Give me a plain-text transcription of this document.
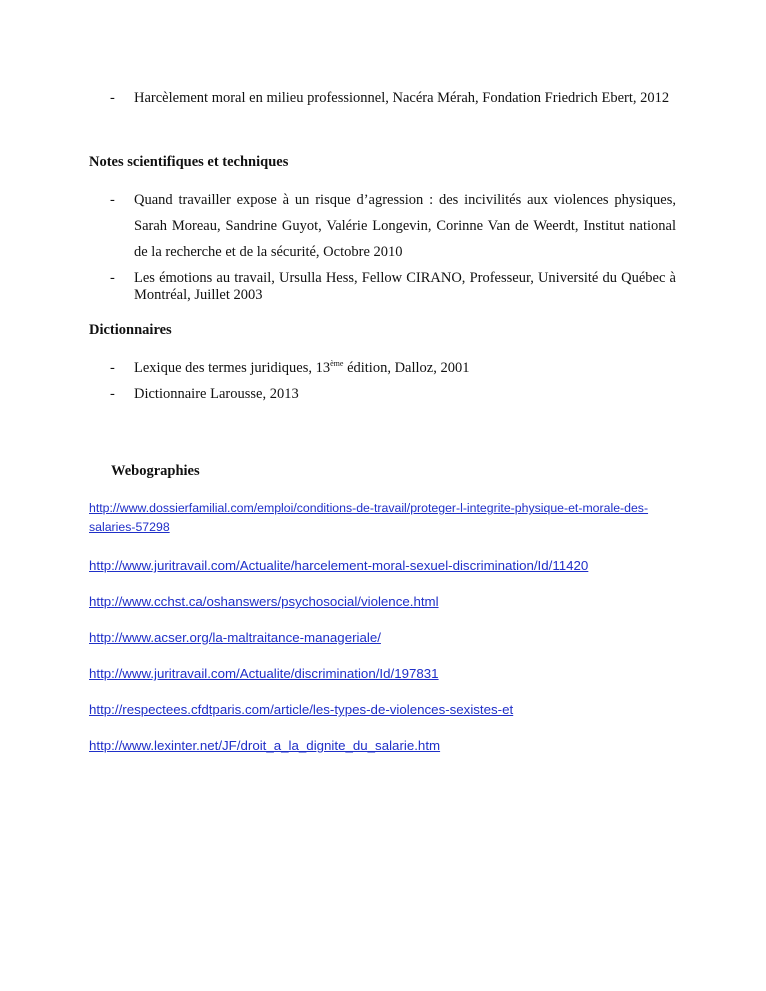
- Harcèlement moral en milieu professionnel, Nacéra Mérah, Fondation Friedrich Ebert, 2012
Notes scientifiques et techniques
- Quand travailler expose à un risque d’agression : des incivilités aux violences physiques, Sarah Moreau, Sandrine Guyot, Valérie Longevin, Corinne Van de Weerdt, Institut national de la recherche et de la sécurité, Octobre 2010
- Les émotions au travail, Ursulla Hess, Fellow CIRANO, Professeur, Université du Québec à Montréal, Juillet 2003
Dictionnaires
- Lexique des termes juridiques, 13ème édition, Dalloz, 2001
- Dictionnaire Larousse, 2013
Webographies
http://www.dossierfamilial.com/emploi/conditions-de-travail/proteger-l-integrite-physique-et-morale-des-salaries-57298
http://www.juritravail.com/Actualite/harcelement-moral-sexuel-discrimination/Id/11420
http://www.cchst.ca/oshanswers/psychosocial/violence.html
http://www.acser.org/la-maltraitance-manageriale/
http://www.juritravail.com/Actualite/discrimination/Id/197831
http://respectees.cfdtparis.com/article/les-types-de-violences-sexistes-et
http://www.lexinter.net/JF/droit_a_la_dignite_du_salarie.htm
